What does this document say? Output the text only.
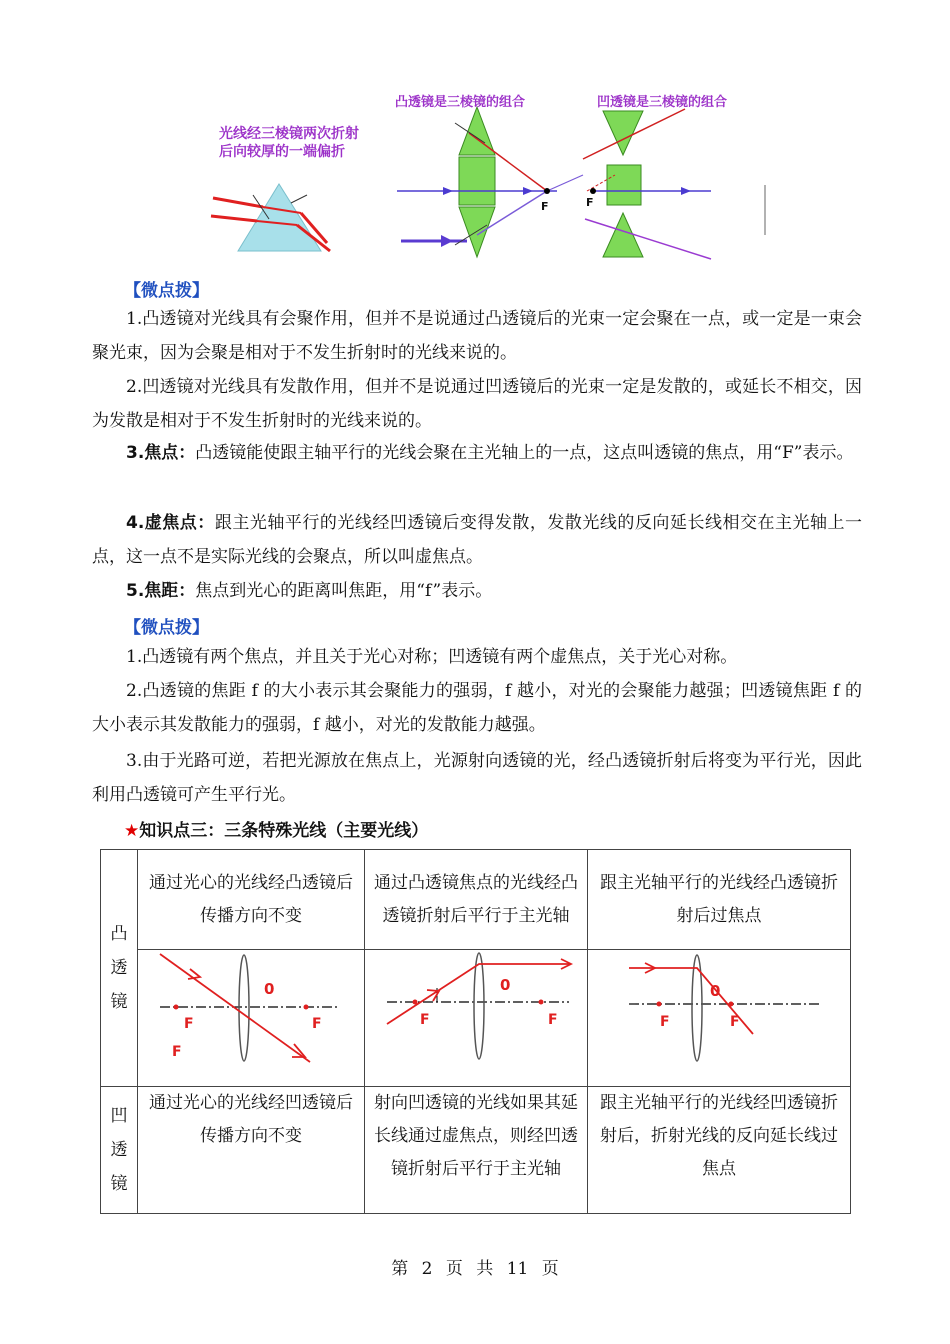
光线经三棱镜两次折射
后向较厚的一端偏折
凸透镜是三棱镜的组合	凹透镜是三棱镜的组合
F	F
【微点拨】

1.凸透镜对光线具有会聚作用，但并不是说通过凸透镜后的光束一定会聚在一点，或一定是一束会聚光束，因为会聚是相对于不发生折射时的光线来说的。

2.凹透镜对光线具有发散作用，但并不是说通过凹透镜后的光束一定是发散的，或延长不相交，因为发散是相对于不发生折射时的光线来说的。

3.焦点：凸透镜能使跟主轴平行的光线会聚在主光轴上的一点，这点叫透镜的焦点，用“F”表示。

4.虚焦点：跟主光轴平行的光线经凹透镜后变得发散，发散光线的反向延长线相交在主光轴上一点，这一点不是实际光线的会聚点，所以叫虚焦点。

5.焦距：焦点到光心的距离叫焦距，用“f”表示。

【微点拨】

1.凸透镜有两个焦点，并且关于光心对称；凹透镜有两个虚焦点，关于光心对称。

2.凸透镜的焦距 f 的大小表示其会聚能力的强弱，f 越小，对光的会聚能力越强；凹透镜焦距 f 的大小表示其发散能力的强弱，f 越小，对光的发散能力越强。

3.由于光路可逆，若把光源放在焦点上，光源射向透镜的光，经凸透镜折射后将变为平行光，因此利用凸透镜可产生平行光。

★知识点三：三条特殊光线（主要光线）
凸透镜	通过光心的光线经凸透镜后传播方向不变	通过凸透镜焦点的光线经凸透镜折射后平行于主光轴	跟主光轴平行的光线经凸透镜折射后过焦点

	F

凹透镜	通过光心的光线经凹透镜后传播方向不变	射向凹透镜的光线如果其延长线通过虚焦点，则经凹透镜折射后平行于主光轴	跟主光轴平行的光线经凹透镜折射后，折射光线的反向延长线过焦点
0
F	F
0
F	F
0
F	F
第 2 页 共 11 页
